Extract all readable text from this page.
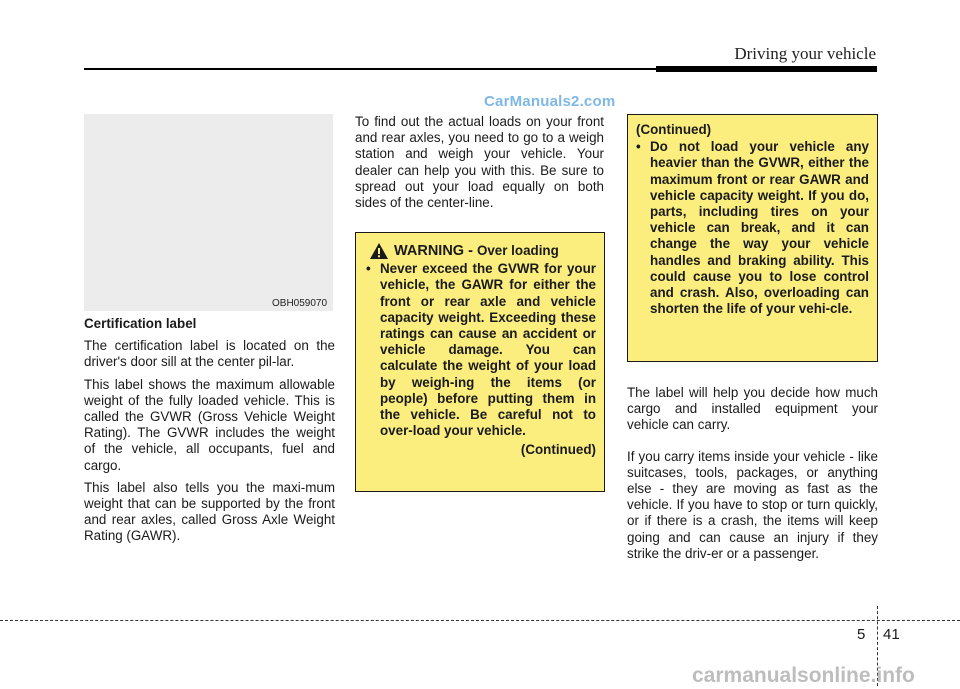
Driving your vehicle
CarManuals2.com
OBH059070
Certification label

The certification label is located on the driver's door sill at the center pil-lar.

This label shows the maximum allowable weight of the fully loaded vehicle. This is called the GVWR (Gross Vehicle Weight Rating). The GVWR includes the weight of the vehicle, all occupants, fuel and cargo.

This label also tells you the maxi-mum weight that can be supported by the front and rear axles, called Gross Axle Weight Rating (GAWR).

To find out the actual loads on your front and rear axles, you need to go to a weigh station and weigh your vehicle. Your dealer can help you with this. Be sure to spread out your load equally on both sides of the center-line.

WARNING - Over loading
• Never exceed the GVWR for your vehicle, the GAWR for either the front or rear axle and vehicle capacity weight. Exceeding these ratings can cause an accident or vehicle damage. You can calculate the weight of your load by weigh-ing the items (or people) before putting them in the vehicle. Be careful not to over-load your vehicle.
(Continued)
(Continued)
• Do not load your vehicle any heavier than the GVWR, either the maximum front or rear GAWR and vehicle capacity weight. If you do, parts, including tires on your vehicle can break, and it can change the way your vehicle handles and braking ability. This could cause you to lose control and crash. Also, overloading can shorten the life of your vehi-cle.

The label will help you decide how much cargo and installed equipment your vehicle can carry.

If you carry items inside your vehicle - like suitcases, tools, packages, or anything else - they are moving as fast as the vehicle. If you have to stop or turn quickly, or if there is a crash, the items will keep going and can cause an injury if they strike the driv-er or a passenger.

5 41
carmanualsonline.info
